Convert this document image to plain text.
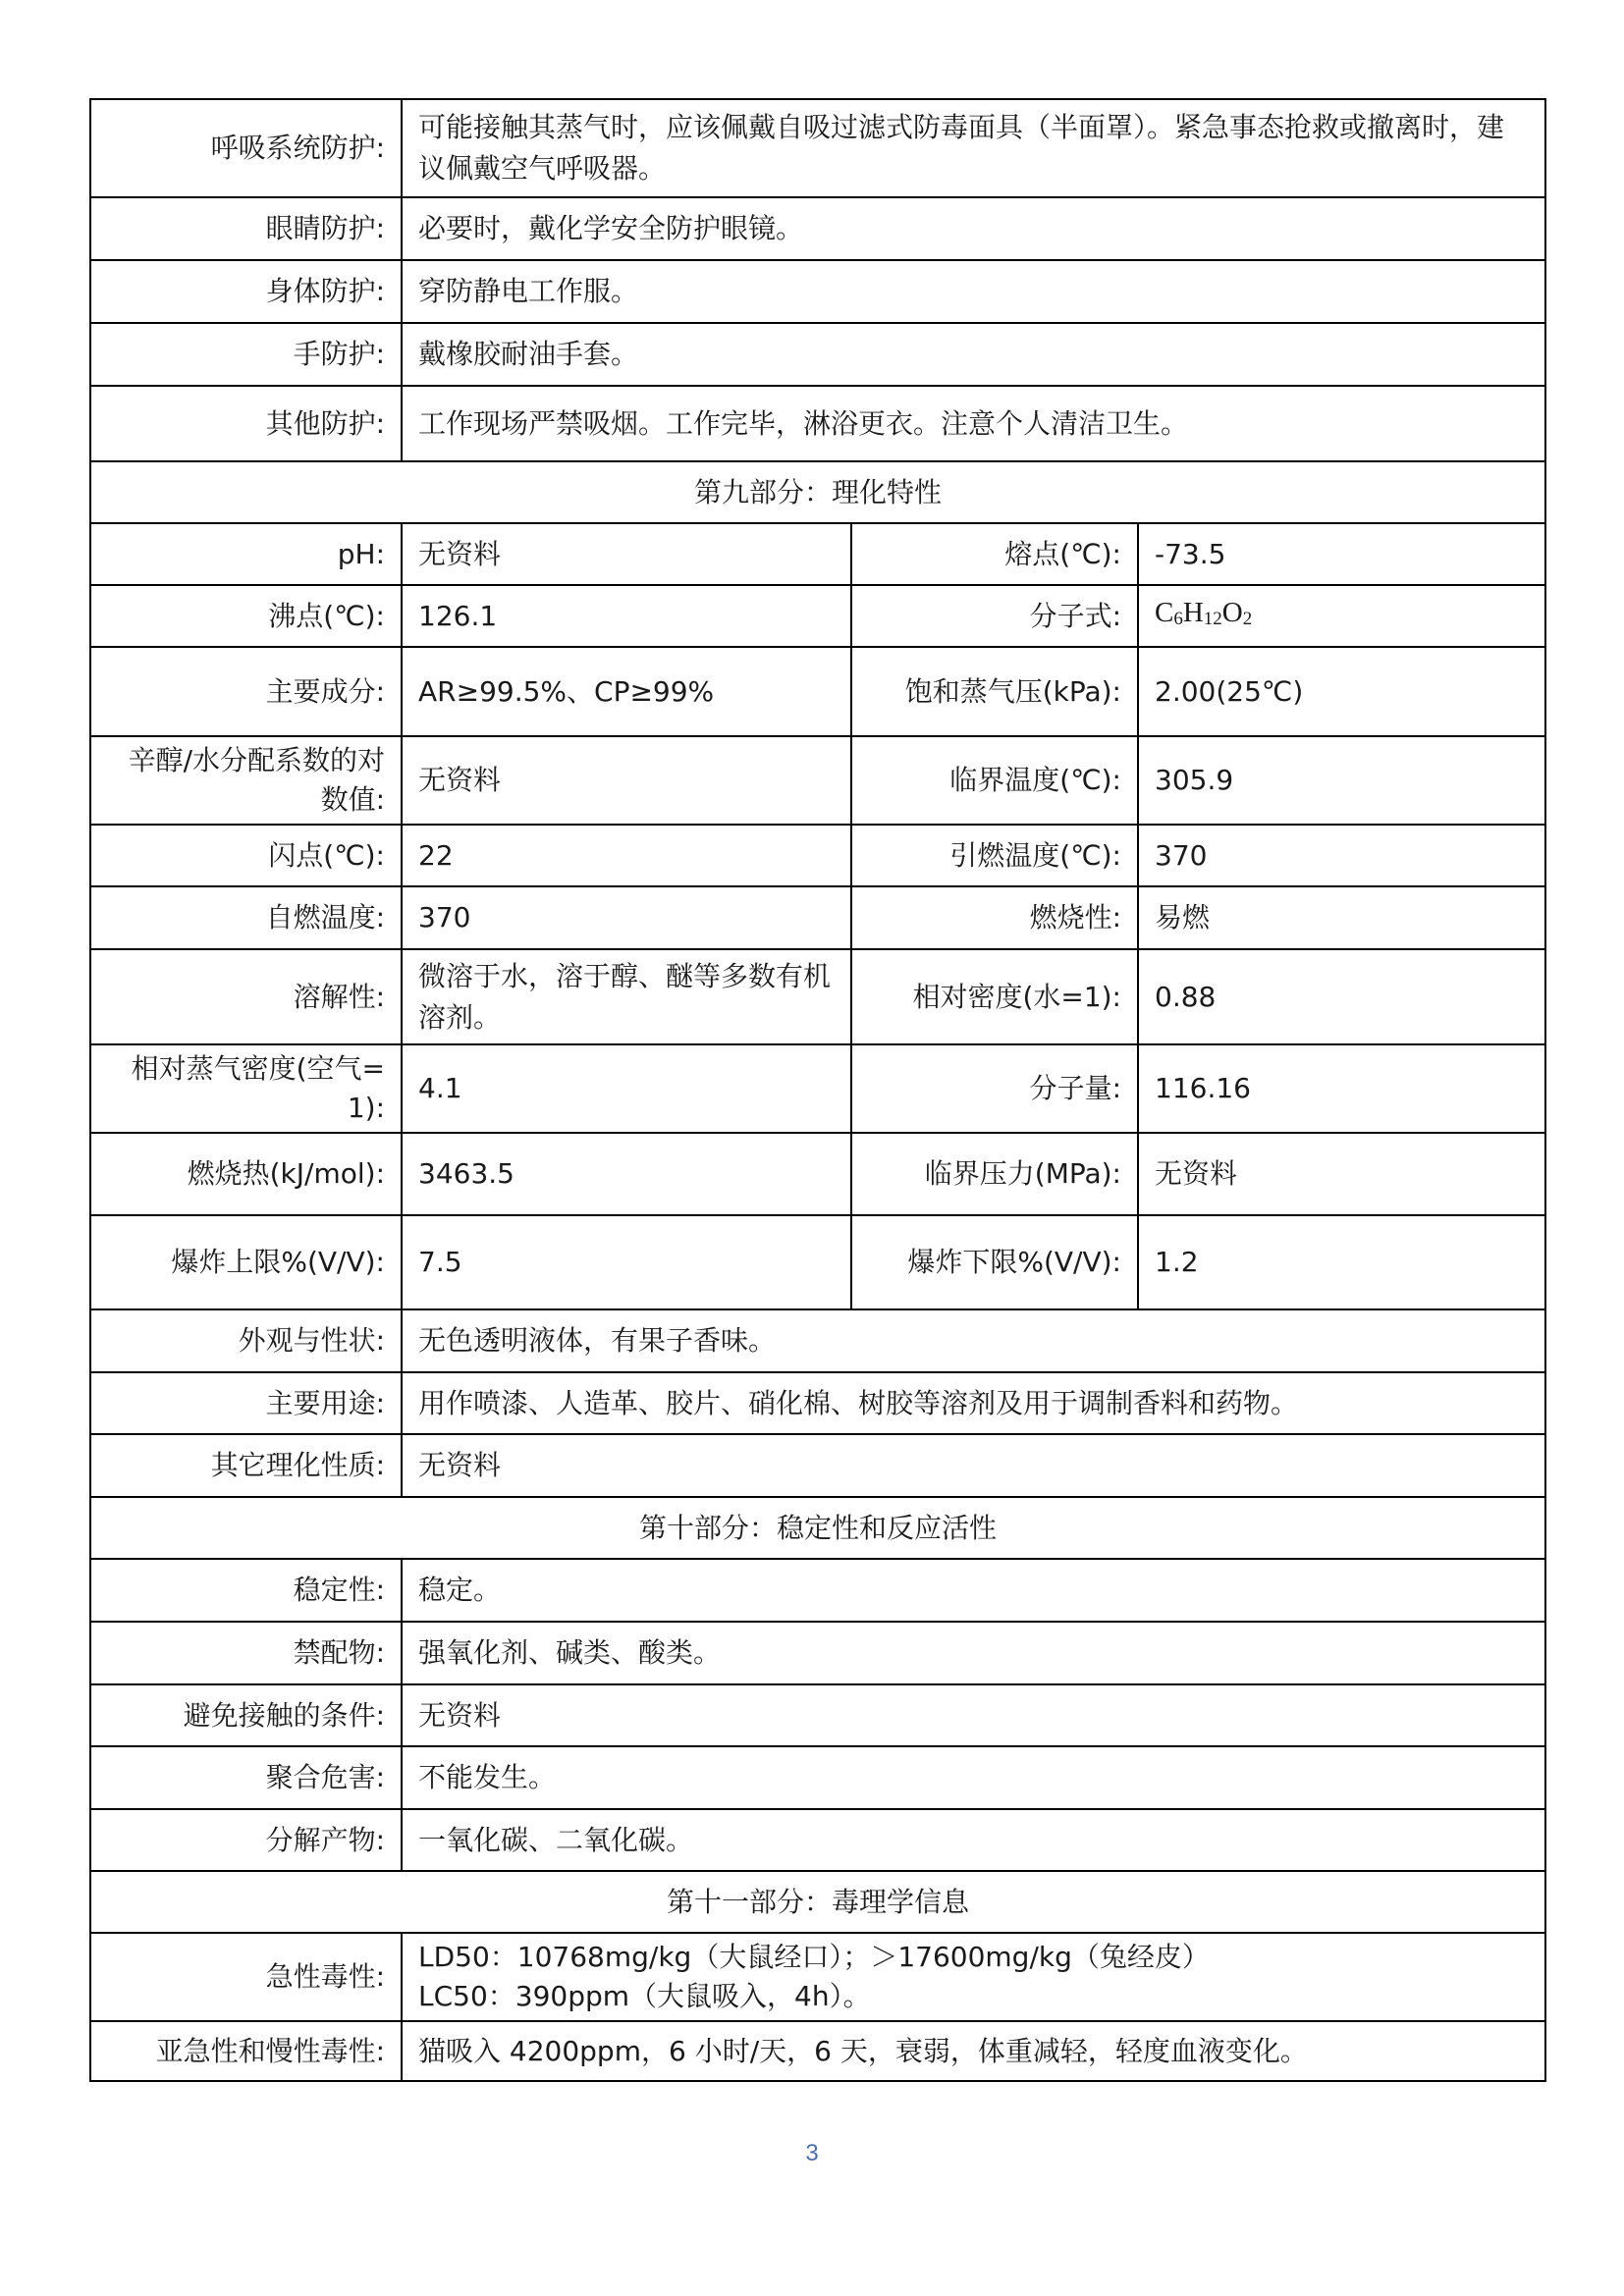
呼吸系统防护:	可能接触其蒸气时，应该佩戴自吸过滤式防毒面具（半面罩）。紧急事态抢救或撤离时，建议佩戴空气呼吸器。		
眼睛防护:	必要时，戴化学安全防护眼镜。		
身体防护:	穿防静电工作服。		
手防护:	戴橡胶耐油手套。		
其他防护:	工作现场严禁吸烟。工作完毕，淋浴更衣。注意个人清洁卫生。		
第九部分：理化特性			
pH:	无资料	熔点(℃):	-73.5
沸点(℃):	126.1	分子式:	$C_6H_{12}O_2$
主要成分:	AR≥99.5%、CP≥99%	饱和蒸气压(kPa):	2.00(25℃)
辛醇/水分配系数的对数值:	无资料	临界温度(℃):	305.9
闪点(℃):	22	引燃温度(℃):	370
自燃温度:	370	燃烧性:	易燃
溶解性:	微溶于水，溶于醇、醚等多数有机溶剂。	相对密度(水=1):	0.88
相对蒸气密度(空气=1):	4.1	分子量:	116.16
燃烧热(kJ/mol):	3463.5	临界压力(MPa):	无资料
爆炸上限%(V/V):	7.5	爆炸下限%(V/V):	1.2
外观与性状:	无色透明液体，有果子香味。		
主要用途:	用作喷漆、人造革、胶片、硝化棉、树胶等溶剂及用于调制香料和药物。		
其它理化性质:	无资料		
第十部分：稳定性和反应活性			
稳定性:	稳定。		
禁配物:	强氧化剂、碱类、酸类。		
避免接触的条件:	无资料		
聚合危害:	不能发生。		
分解产物:	一氧化碳、二氧化碳。		
第十一部分：毒理学信息			
急性毒性:	LD50：10768mg/kg（大鼠经口）；＞17600mg/kg（兔经皮）
LC50：390ppm（大鼠吸入，4h）。		

亚急性和慢性毒性:	猫吸入 4200ppm，6 小时/天，6 天，衰弱，体重减轻，轻度血液变化。		
3
